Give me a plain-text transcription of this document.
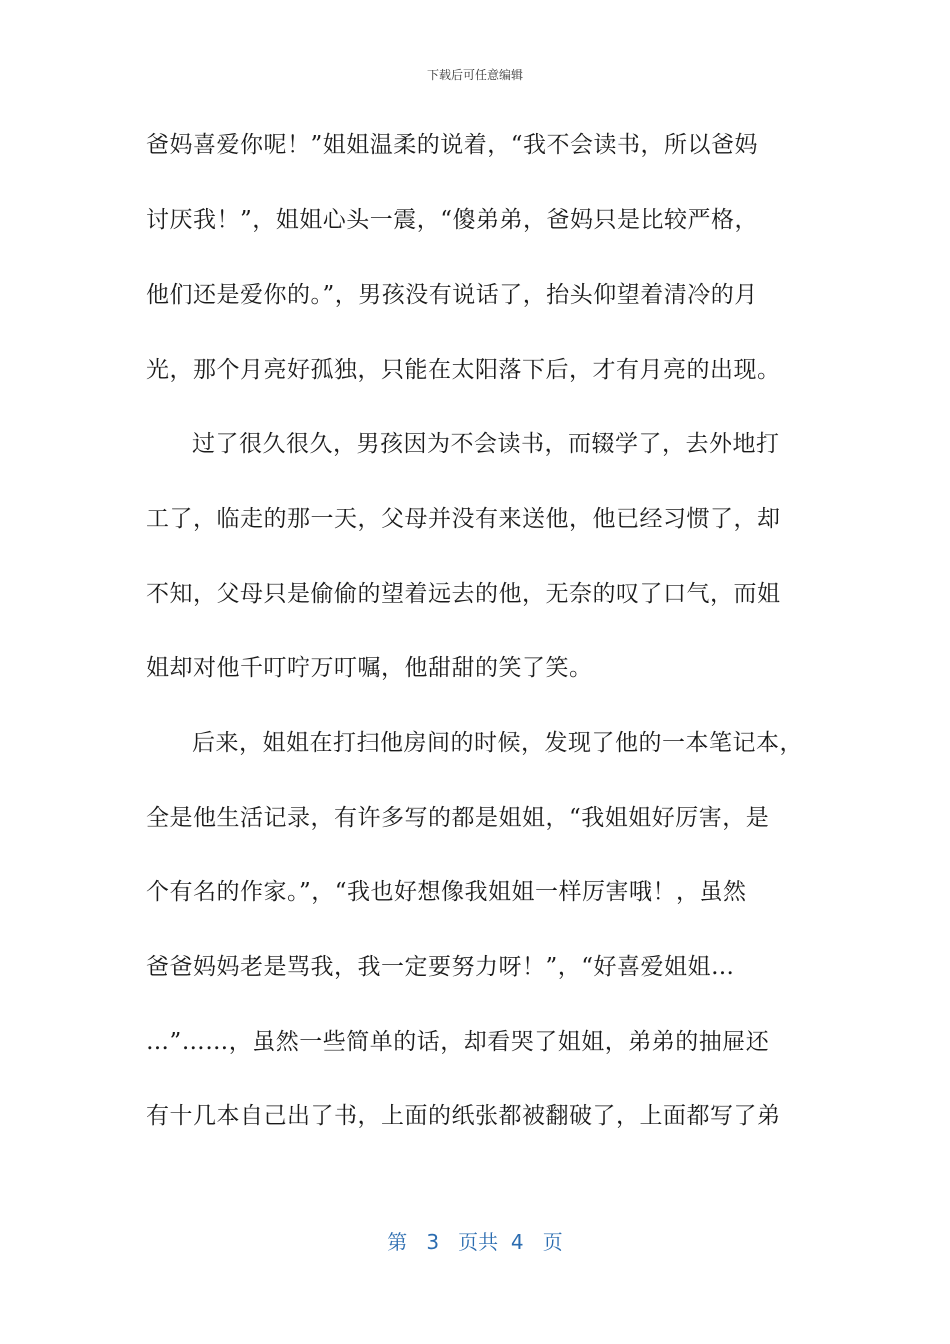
下载后可任意编辑
爸妈喜爱你呢！”姐姐温柔的说着，“我不会读书，所以爸妈
讨厌我！”，姐姐心头一震，“傻弟弟，爸妈只是比较严格，
他们还是爱你的。”，男孩没有说话了，抬头仰望着清冷的月
光，那个月亮好孤独，只能在太阳落下后，才有月亮的出现。
过了很久很久，男孩因为不会读书，而辍学了，去外地打
工了，临走的那一天，父母并没有来送他，他已经习惯了，却
不知，父母只是偷偷的望着远去的他，无奈的叹了口气，而姐
姐却对他千叮咛万叮嘱，他甜甜的笑了笑。
后来，姐姐在打扫他房间的时候，发现了他的一本笔记本，
全是他生活记录，有许多写的都是姐姐，“我姐姐好厉害，是
个有名的作家。”，“我也好想像我姐姐一样厉害哦！，虽然
爸爸妈妈老是骂我，我一定要努力呀！”，“好喜爱姐姐…
…”……，虽然一些简单的话，却看哭了姐姐，弟弟的抽屉还
有十几本自己出了书，上面的纸张都被翻破了，上面都写了弟
第 3 页共 4 页
